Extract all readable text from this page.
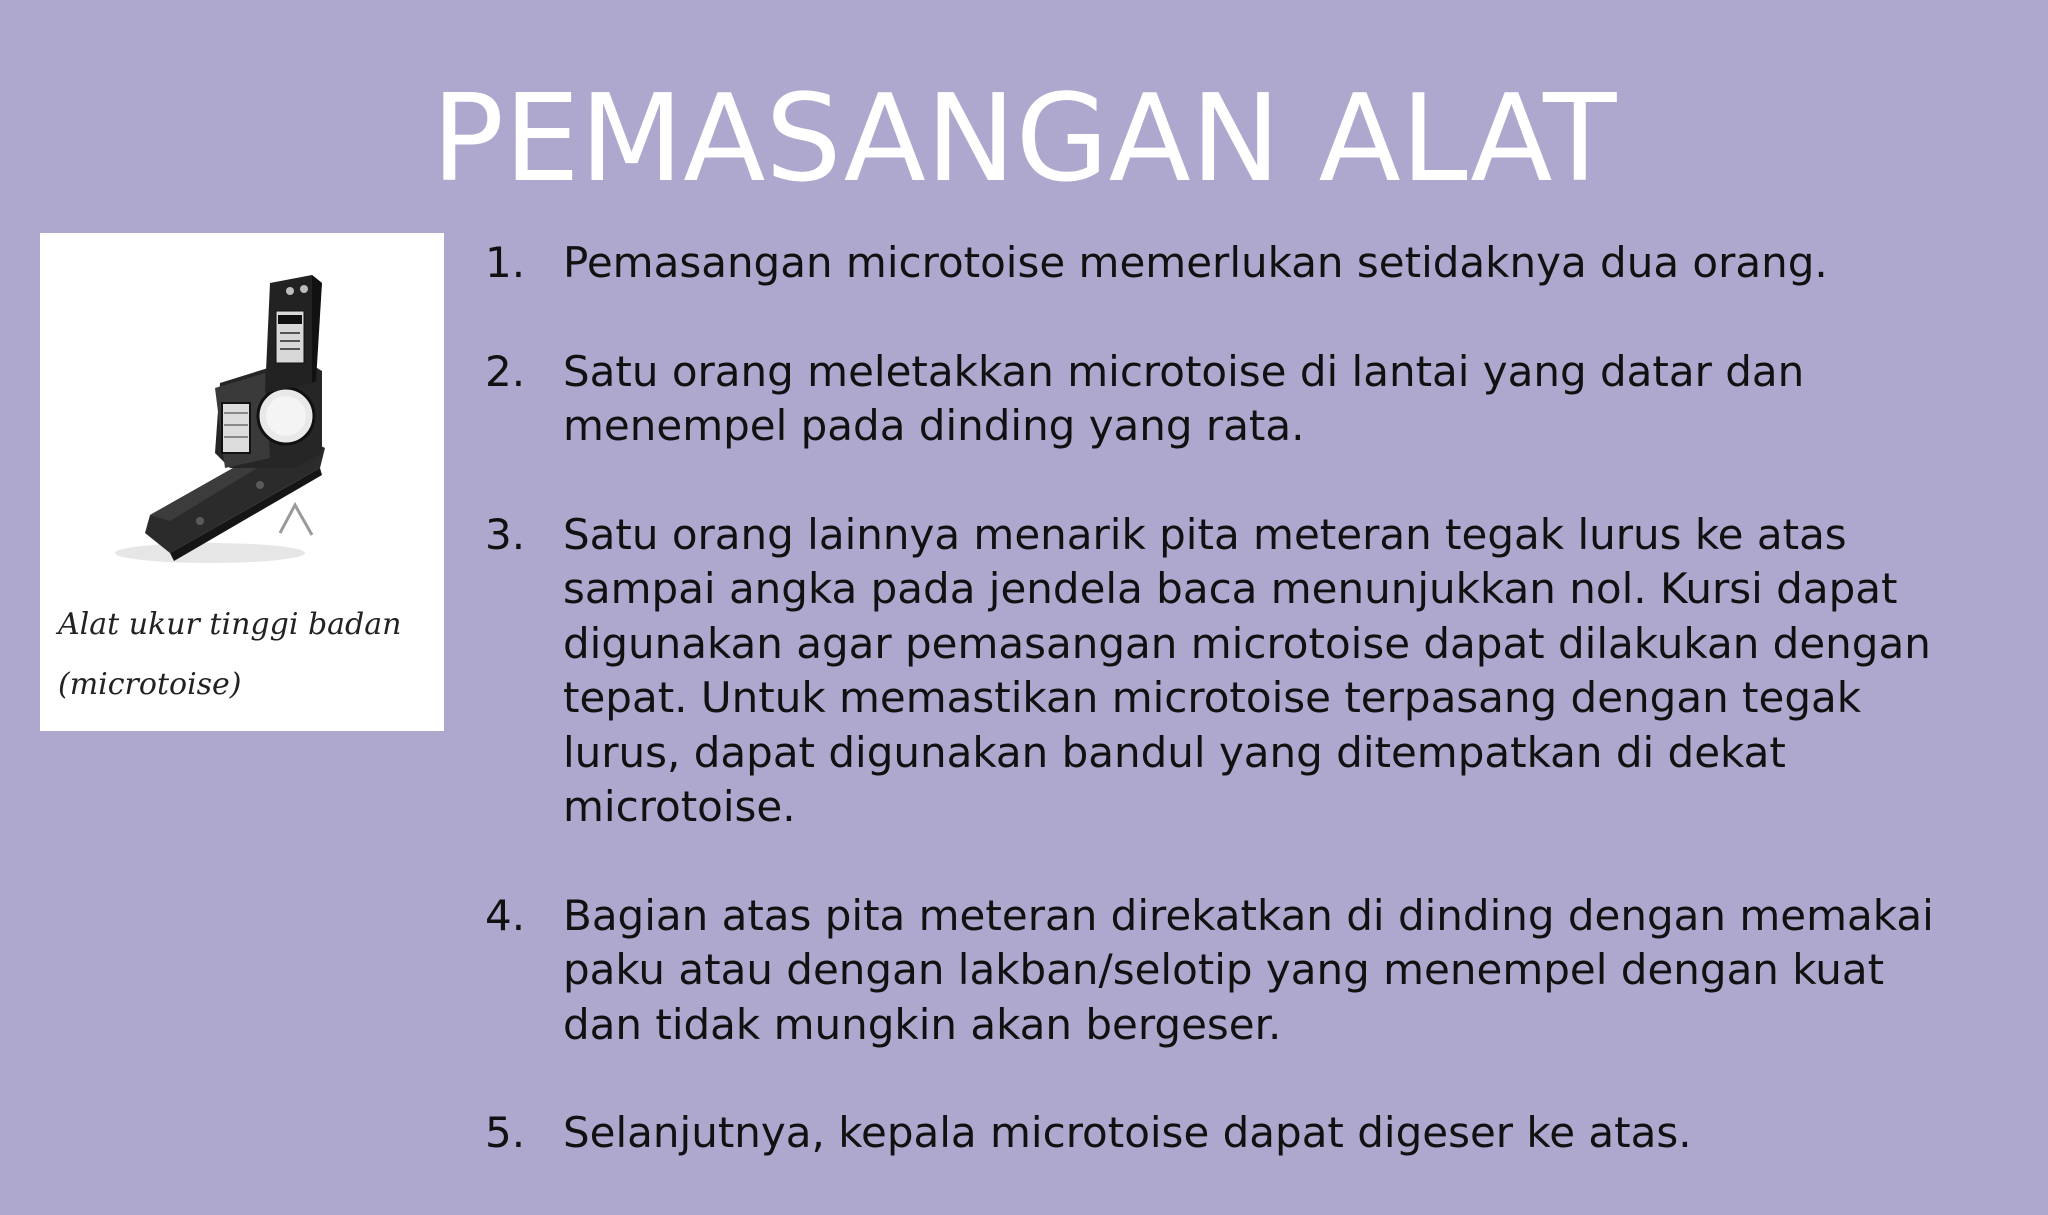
PEMASANGAN ALAT
Alat ukur tinggi badan
(microtoise)
1. Pemasangan microtoise memerlukan setidaknya dua orang.
2. Satu orang meletakkan microtoise di lantai yang datar dan
menempel pada dinding yang rata.
3. Satu orang lainnya menarik pita meteran tegak lurus ke atas
sampai angka pada jendela baca menunjukkan nol. Kursi dapat
digunakan agar pemasangan microtoise dapat dilakukan dengan
tepat. Untuk memastikan microtoise terpasang dengan tegak
lurus, dapat digunakan bandul yang ditempatkan di dekat
microtoise.
4. Bagian atas pita meteran direkatkan di dinding dengan memakai
paku atau dengan lakban/selotip yang menempel dengan kuat
dan tidak mungkin akan bergeser.
5. Selanjutnya, kepala microtoise dapat digeser ke atas.
